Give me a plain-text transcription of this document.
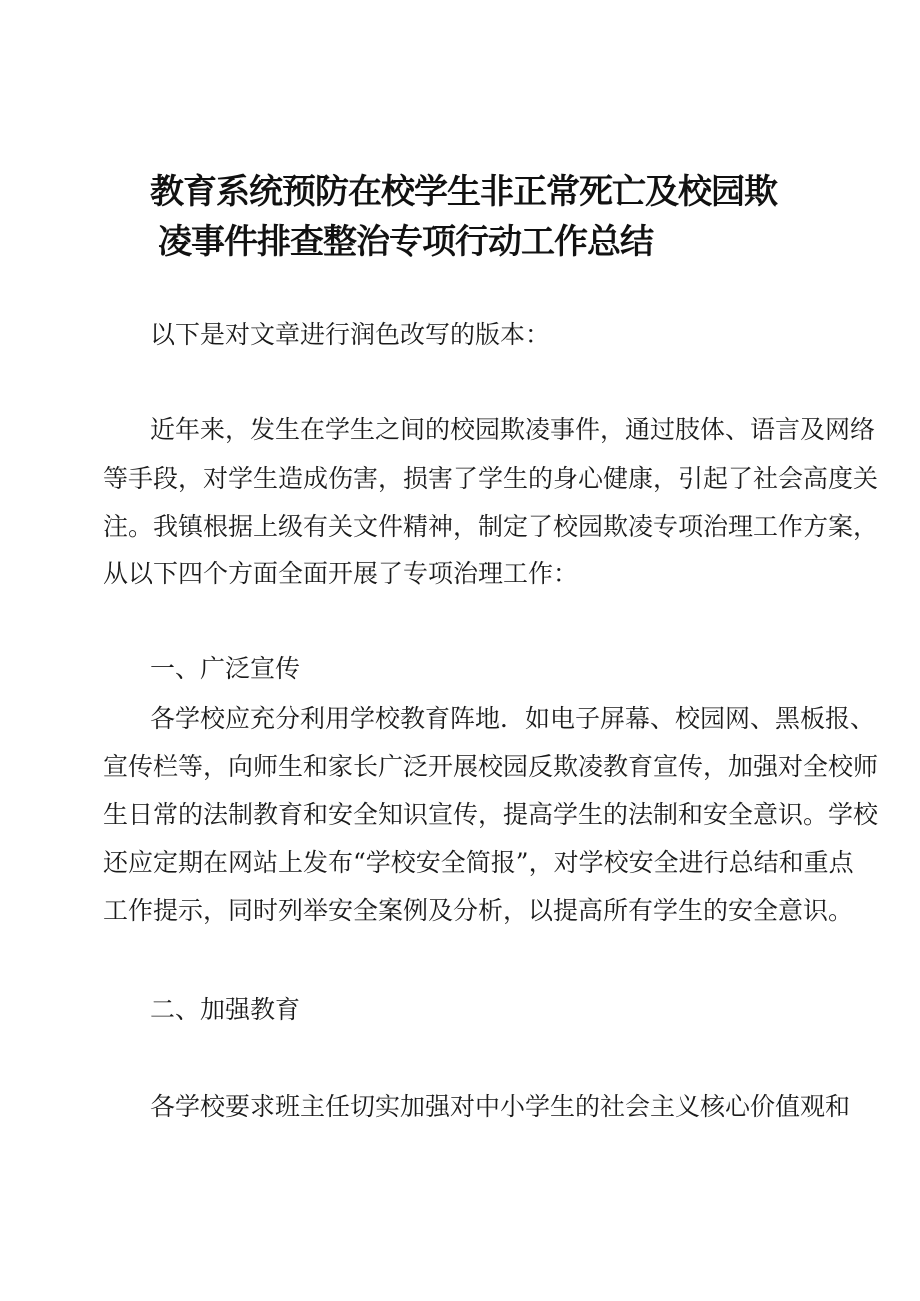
教育系统预防在校学生非正常死亡及校园欺
凌事件排查整治专项行动工作总结
以下是对文章进行润色改写的版本：
近年来，发生在学生之间的校园欺凌事件，通过肢体、语言及网络
等手段，对学生造成伤害，损害了学生的身心健康，引起了社会高度关
注。我镇根据上级有关文件精神，制定了校园欺凌专项治理工作方案，
从以下四个方面全面开展了专项治理工作：
一、广泛宣传
各学校应充分利用学校教育阵地．如电子屏幕、校园网、黑板报、
宣传栏等，向师生和家长广泛开展校园反欺凌教育宣传，加强对全校师
生日常的法制教育和安全知识宣传，提高学生的法制和安全意识。学校
还应定期在网站上发布“学校安全简报”，对学校安全进行总结和重点
工作提示，同时列举安全案例及分析，以提高所有学生的安全意识。
二、加强教育
各学校要求班主任切实加强对中小学生的社会主义核心价值观和
